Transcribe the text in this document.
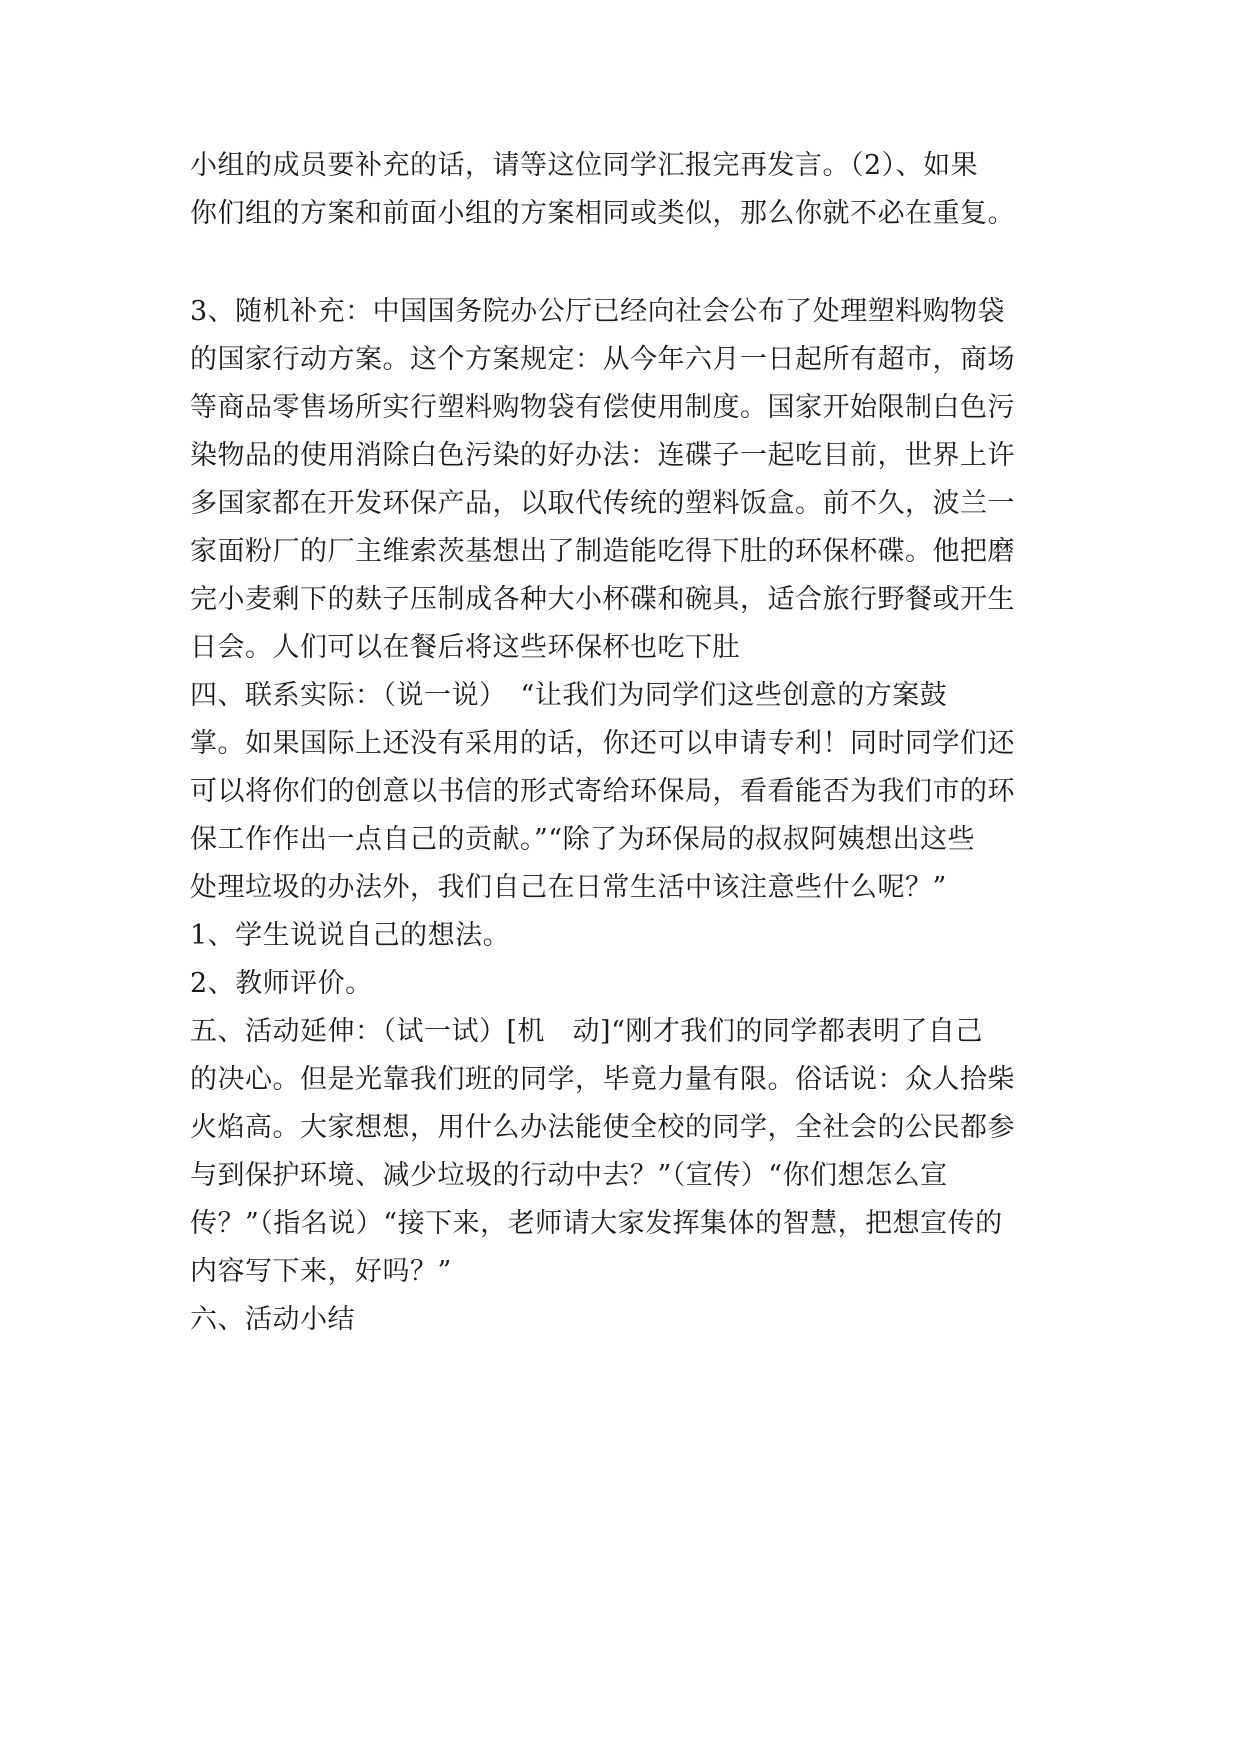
小组的成员要补充的话，请等这位同学汇报完再发言。（2）、如果
你们组的方案和前面小组的方案相同或类似，那么你就不必在重复。
3、随机补充：中国国务院办公厅已经向社会公布了处理塑料购物袋
的国家行动方案。这个方案规定：从今年六月一日起所有超市，商场
等商品零售场所实行塑料购物袋有偿使用制度。国家开始限制白色污
染物品的使用消除白色污染的好办法：连碟子一起吃目前，世界上许
多国家都在开发环保产品，以取代传统的塑料饭盒。前不久，波兰一
家面粉厂的厂主维索茨基想出了制造能吃得下肚的环保杯碟。他把磨
完小麦剩下的麸子压制成各种大小杯碟和碗具，适合旅行野餐或开生
日会。人们可以在餐后将这些环保杯也吃下肚
四、联系实际：（说一说）　“让我们为同学们这些创意的方案鼓
掌。如果国际上还没有采用的话，你还可以申请专利！同时同学们还
可以将你们的创意以书信的形式寄给环保局，看看能否为我们市的环
保工作作出一点自己的贡献。”“除了为环保局的叔叔阿姨想出这些
处理垃圾的办法外，我们自己在日常生活中该注意些什么呢？”
1、学生说说自己的想法。
2、教师评价。
五、活动延伸：（试一试）[机　动]“刚才我们的同学都表明了自己
的决心。但是光靠我们班的同学，毕竟力量有限。俗话说：众人拾柴
火焰高。大家想想，用什么办法能使全校的同学，全社会的公民都参
与到保护环境、减少垃圾的行动中去？”（宣传）“你们想怎么宣
传？”（指名说）“接下来，老师请大家发挥集体的智慧，把想宣传的
内容写下来，好吗？”
六、活动小结
